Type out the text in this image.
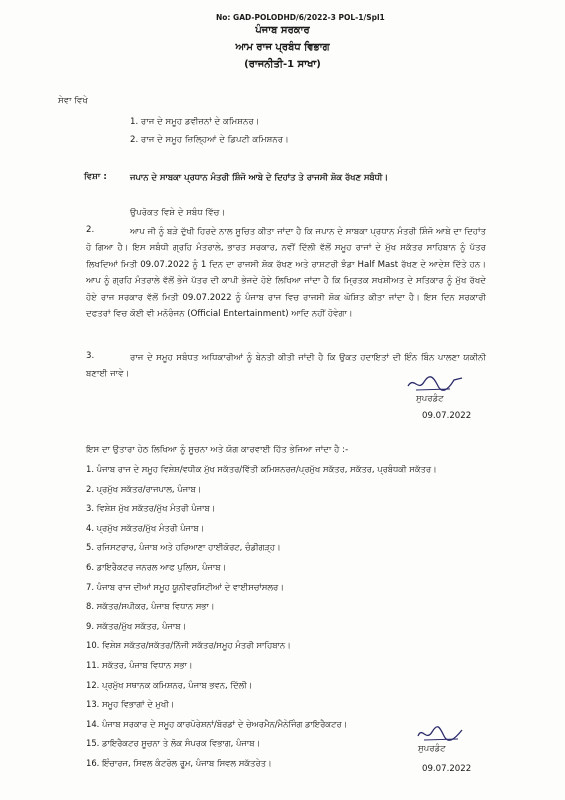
No: GAD-POLODHD/6/2022-3 POL-1/Spl1
ਪੰਜਾਬ ਸਰਕਾਰ
ਆਮ ਰਾਜ ਪ੍ਰਬੰਧ ਵਿਭਾਗ
(ਰਾਜਨੀਤੀ-1 ਸਾਖਾ)
ਸੇਵਾ ਵਿਖੇ
1. ਰਾਜ ਦੇ ਸਮੂਹ ਡਵੀਜ਼ਨਾਂ ਦੇ ਕਮਿਸ਼ਨਰ।
2. ਰਾਜ ਦੇ ਸਮੂਹ ਜ਼ਿਲ੍ਹਿਆਂ ਦੇ ਡਿਪਟੀ ਕਮਿਸ਼ਨਰ।
ਵਿਸ਼ਾ :	ਜਪਾਨ ਦੇ ਸਾਬਕਾ ਪ੍ਰਧਾਨ ਮੰਤਰੀ ਸ਼ਿੰਜੋ ਆਬੇ ਦੇ ਦਿਹਾਂਤ ਤੇ ਰਾਜਸੀ ਸ਼ੋਕ ਰੱਖਣ ਸਬੰਧੀ।
ਉਪਰੋਕਤ ਵਿਸ਼ੇ ਦੇ ਸਬੰਧ ਵਿੱਚ।
2.	ਆਪ ਜੀ ਨੂੰ ਬੜੇ ਦੁੱਖੀ ਹਿਰਦੇ ਨਾਲ ਸੂਚਿਤ ਕੀਤਾ ਜਾਂਦਾ ਹੈ ਕਿ ਜਪਾਨ ਦੇ ਸਾਬਕਾ ਪ੍ਰਧਾਨ ਮੰਤਰੀ ਸ਼ਿੰਜੋ ਆਬੇ ਦਾ ਦਿਹਾਂਤ ਹੋ ਗਿਆ ਹੈ। ਇਸ ਸਬੰਧੀ ਗ੍ਰਹਿ ਮੰਤਰਾਲੇ, ਭਾਰਤ ਸਰਕਾਰ, ਨਵੀਂ ਦਿੱਲੀ ਵੱਲੋਂ ਸਮੂਹ ਰਾਜਾਂ ਦੇ ਮੁੱਖ ਸਕੱਤਰ ਸਾਹਿਬਾਨ ਨੂੰ ਪੱਤਰ ਲਿਖਦਿਆਂ ਮਿਤੀ 09.07.2022 ਨੂੰ 1 ਦਿਨ ਦਾ ਰਾਜਸੀ ਸ਼ੋਕ ਰੱਖਣ ਅਤੇ ਰਾਸ਼ਟਰੀ ਝੰਡਾ Half Mast ਰੱਖਣ ਦੇ ਆਦੇਸ਼ ਦਿੱਤੇ ਹਨ। ਆਪ ਨੂੰ ਗ੍ਰਹਿ ਮੰਤਰਾਲੇ ਵੱਲੋਂ ਭੇਜੇ ਪੱਤਰ ਦੀ ਕਾਪੀ ਭੇਜਦੇ ਹੋਏ ਲਿਖਿਆ ਜਾਂਦਾ ਹੈ ਕਿ ਮ੍ਰਿਤਕ ਸਖਸ਼ੀਅਤ ਦੇ ਸਤਿਕਾਰ ਨੂੰ ਮੁੱਖ ਰੱਖਦੇ ਹੋਏ ਰਾਜ ਸਰਕਾਰ ਵੱਲੋਂ ਮਿਤੀ 09.07.2022 ਨੂੰ ਪੰਜਾਬ ਰਾਜ ਵਿਚ ਰਾਜਸੀ ਸ਼ੋਕ ਘੋਸ਼ਿਤ ਕੀਤਾ ਜਾਂਦਾ ਹੈ। ਇਸ ਦਿਨ ਸਰਕਾਰੀ ਦਫਤਰਾਂ ਵਿਚ ਕੋਈ ਵੀ ਮਨੋਰੰਜਨ (Official Entertainment) ਆਦਿ ਨਹੀਂ ਹੋਵੇਗਾ।
3.	ਰਾਜ ਦੇ ਸਮੂਹ ਸਬੰਧਤ ਅਧਿਕਾਰੀਆਂ ਨੂੰ ਬੇਨਤੀ ਕੀਤੀ ਜਾਂਦੀ ਹੈ ਕਿ ਉਕਤ ਹਦਾਇਤਾਂ ਦੀ ਇੰਨ ਬਿੰਨ ਪਾਲਣਾ ਯਕੀਨੀ ਬਣਾਈ ਜਾਵੇ।
ਸੁਪਰਡੰਟ
09.07.2022
ਇਸ ਦਾ ਉਤਾਰਾ ਹੇਠ ਲਿਖਿਆ ਨੂੰ ਸੂਚਨਾ ਅਤੇ ਯੋਗ ਕਾਰਵਾਈ ਹਿੱਤ ਭੇਜਿਆ ਜਾਂਦਾ ਹੈ :-
1. ਪੰਜਾਬ ਰਾਜ ਦੇ ਸਮੂਹ ਵਿਸ਼ੇਸ਼/ਵਧੀਕ ਮੁੱਖ ਸਕੱਤਰ/ਵਿੱਤੀ ਕਮਿਸ਼ਨਰਜ਼/ਪ੍ਰਮੁੱਖ ਸਕੱਤਰ, ਸਕੱਤਰ, ਪ੍ਰਬੰਧਕੀ ਸਕੱਤਰ।
2. ਪ੍ਰਮੁੱਖ ਸਕੱਤਰ/ਰਾਜਪਾਲ, ਪੰਜਾਬ।
3. ਵਿਸ਼ੇਸ਼ ਮੁੱਖ ਸਕੱਤਰ/ਮੁੱਖ ਮੰਤਰੀ ਪੰਜਾਬ।
4. ਪ੍ਰਮੁੱਖ ਸਕੱਤਰ/ਮੁੱਖ ਮੰਤਰੀ ਪੰਜਾਬ।
5. ਰਜਿਸਟਰਾਰ, ਪੰਜਾਬ ਅਤੇ ਹਰਿਆਣਾ ਹਾਈਕੋਰਟ, ਚੰਡੀਗੜ੍ਹ।
6. ਡਾਇਰੈਕਟਰ ਜਨਰਲ ਆਫ ਪੁਲਿਸ, ਪੰਜਾਬ।
7. ਪੰਜਾਬ ਰਾਜ ਦੀਆਂ ਸਮੂਹ ਯੂਨੀਵਰਸਿਟੀਆਂ ਦੇ ਵਾਈਸਚਾਂਸਲਰ।
8. ਸਕੱਤਰ/ਸਪੀਕਰ, ਪੰਜਾਬ ਵਿਧਾਨ ਸਭਾ।
9. ਸਕੱਤਰ/ਮੁੱਖ ਸਕੱਤਰ, ਪੰਜਾਬ।
10. ਵਿਸ਼ੇਸ਼ ਸਕੱਤਰ/ਸਕੱਤਰ/ਨਿੱਜੀ ਸਕੱਤਰ/ਸਮੂਹ ਮੰਤਰੀ ਸਾਹਿਬਾਨ।
11. ਸਕੱਤਰ, ਪੰਜਾਬ ਵਿਧਾਨ ਸਭਾ।
12. ਪ੍ਰਮੁੱਖ ਸਥਾਨਕ ਕਮਿਸ਼ਨਰ, ਪੰਜਾਬ ਭਵਨ, ਦਿੱਲੀ।
13. ਸਮੂਹ ਵਿਭਾਗਾਂ ਦੇ ਮੁਖੀ।
14. ਪੰਜਾਬ ਸਰਕਾਰ ਦੇ ਸਮੂਹ ਕਾਰਪੋਰੇਸ਼ਨਾਂ/ਬੋਰਡਾਂ ਦੇ ਚੇਅਰਮੈਨ/ਮੈਨੇਜਿੰਗ ਡਾਇਰੈਕਟਰ।
15. ਡਾਇਰੈਕਟਰ ਸੂਚਨਾ ਤੇ ਲੋਕ ਸੰਪਰਕ ਵਿਭਾਗ, ਪੰਜਾਬ।
16. ਇੰਚਾਰਜ, ਸਿਵਲ ਕੰਟਰੋਲ ਰੂਮ, ਪੰਜਾਬ ਸਿਵਲ ਸਕੱਤਰੇਤ।
ਸੁਪਰਡੰਟ
09.07.2022
